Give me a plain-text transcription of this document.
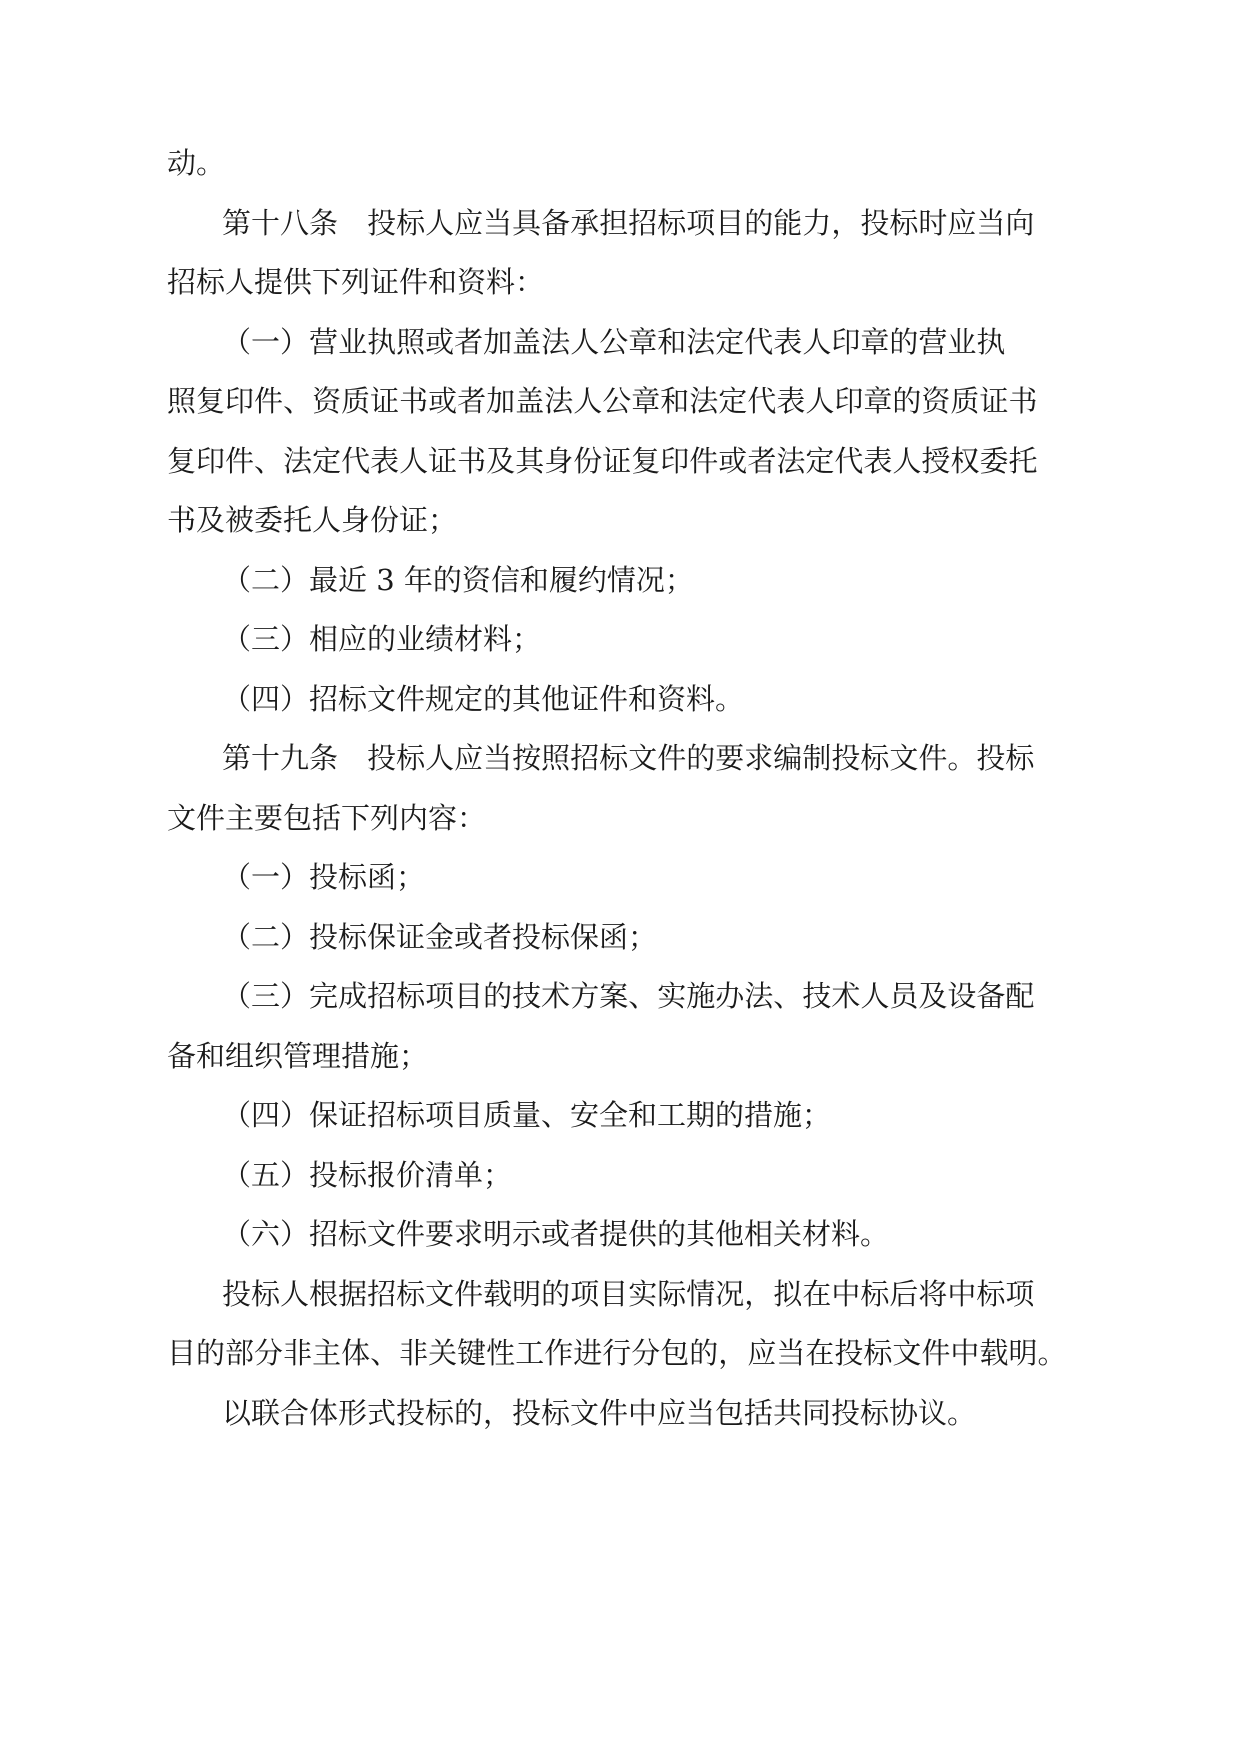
动。
第 十 八 条
　 投 标 人 应 当 具 备 承 担 招 标 项 目 的 能 力 ， 投 标 时 应 当 向
招标人提供下列证件和资料：
（ 一 ） 营 业 执 照 或 者 加 盖 法 人 公 章 和 法 定 代 表 人 印 章 的 营 业 执
照 复 印 件 、 资 质 证 书 或 者 加 盖 法 人 公 章 和 法 定 代 表 人 印 章 的 资 质 证 书
复 印 件 、 法 定 代 表 人 证 书 及 其 身 份 证 复 印 件 或 者 法 定 代 表 人 授 权 委 托
书及被委托人身份证；
（二）最近 3 年的资信和履约情况；
（三）相应的业绩材料；
（四）招标文件规定的其他证件和资料。
第 十 九 条
　 投 标 人 应 当 按 照 招 标 文 件 的 要 求 编 制 投 标 文 件 。 投 标
文件主要包括下列内容：
（一）投标函；
（二）投标保证金或者投标保函；
（ 三 ） 完 成 招 标 项 目 的 技 术 方 案 、 实 施 办 法 、 技 术 人 员 及 设 备 配
备和组织管理措施；
（四）保证招标项目质量、安全和工期的措施；
（五）投标报价清单；
（六）招标文件要求明示或者提供的其他相关材料。
投 标 人 根 据 招 标 文 件 载 明 的 项 目 实 际 情 况 ， 拟 在 中 标 后 将 中 标 项
目 的 部 分 非 主 体 、 非 关 键 性 工 作 进 行 分 包 的 ， 应 当 在 投 标 文 件 中 载 明 。
以联合体形式投标的，投标文件中应当包括共同投标协议。
